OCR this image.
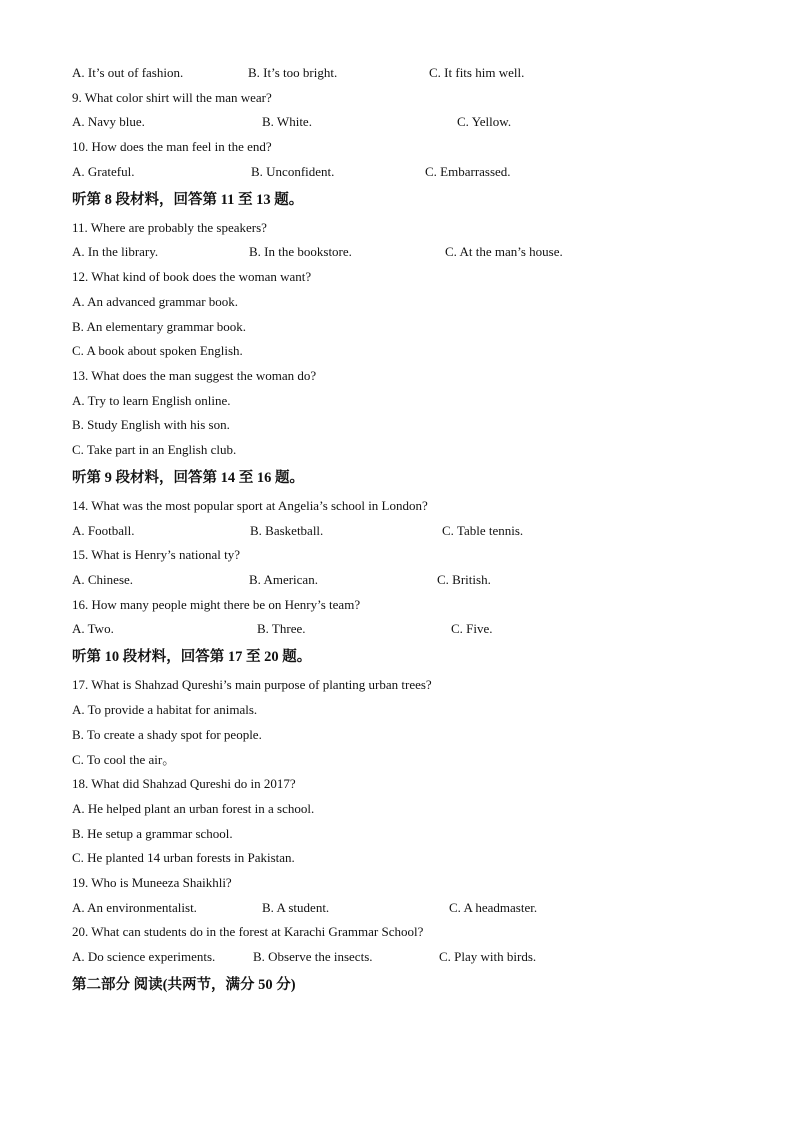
A. It’s out of fashion.	B. It’s too bright.	C. It fits him well.
9. What color shirt will the man wear?
A. Navy blue.	B. White.	C. Yellow.
10. How does the man feel in the end?
A. Grateful.	B. Unconfident.	C. Embarrassed.
听第 8 段材料，回答第 11 至 13 题。
11. Where are probably the speakers?
A. In the library.	B. In the bookstore.	C. At the man’s house.
12. What kind of book does the woman want?
A. An advanced grammar book.
B. An elementary grammar book.
C. A book about spoken English.
13. What does the man suggest the woman do?
A. Try to learn English online.
B. Study English with his son.
C. Take part in an English club.
听第 9 段材料，回答第 14 至 16 题。
14. What was the most popular sport at Angelia’s school in London?
A. Football.	B. Basketball.	C. Table tennis.
15. What is Henry’s national ty?
A. Chinese.	B. American.	C. British.
16. How many people might there be on Henry’s team?
A. Two.	B. Three.	C. Five.
听第 10 段材料，回答第 17 至 20 题。
17. What is Shahzad Qureshi’s main purpose of planting urban trees?
A. To provide a habitat for animals.
B. To create a shady spot for people.
C. To cool the air。
18. What did Shahzad Qureshi do in 2017?
A. He helped plant an urban forest in a school.
B. He setup a grammar school.
C. He planted 14 urban forests in Pakistan.
19. Who is Muneeza Shaikhli?
A. An environmentalist.	B. A student.	C. A headmaster.
20. What can students do in the forest at Karachi Grammar School?
A. Do science experiments.	B. Observe the insects.	C. Play with birds.
第二部分 阅读(共两节，满分 50 分)
